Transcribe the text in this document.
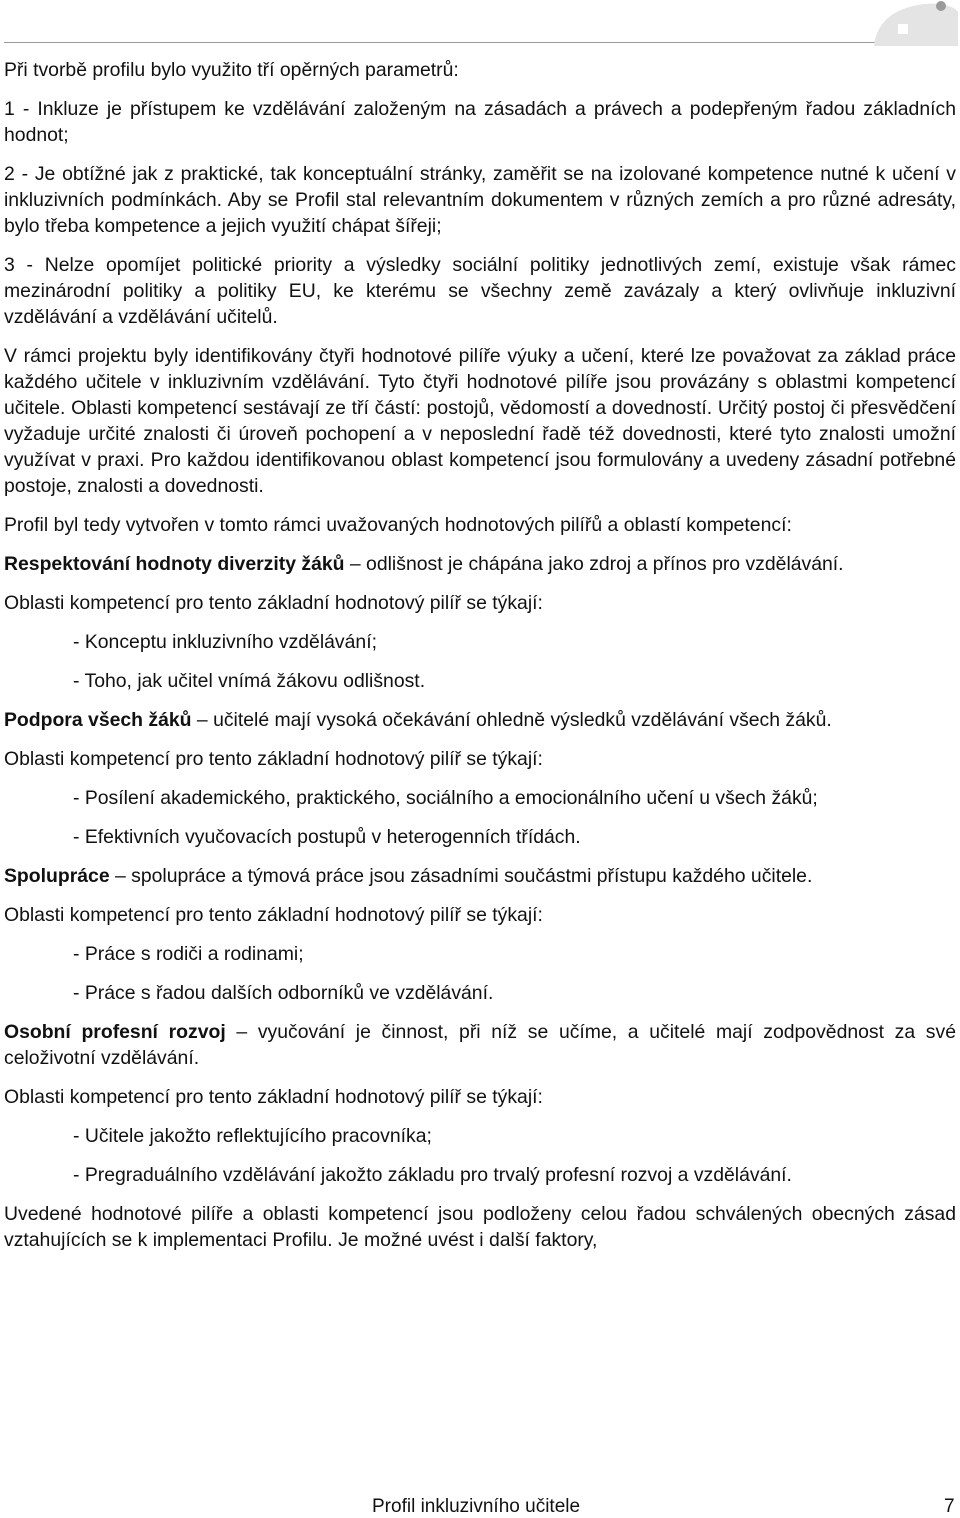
Při tvorbě profilu bylo využito tří opěrných parametrů:

1 - Inkluze je přístupem ke vzdělávání založeným na zásadách a právech a podepřeným řadou základních hodnot;

2 - Je obtížné jak z praktické, tak konceptuální stránky, zaměřit se na izolované kompetence nutné k učení v inkluzivních podmínkách. Aby se Profil stal relevantním dokumentem v různých zemích a pro různé adresáty, bylo třeba kompetence a jejich využití chápat šířeji;

3 - Nelze opomíjet politické priority a výsledky sociální politiky jednotlivých zemí, existuje však rámec mezinárodní politiky a politiky EU, ke kterému se všechny země zavázaly a který ovlivňuje inkluzivní vzdělávání a vzdělávání učitelů.

V rámci projektu byly identifikovány čtyři hodnotové pilíře výuky a učení, které lze považovat za základ práce každého učitele v inkluzivním vzdělávání. Tyto čtyři hodnotové pilíře jsou provázány s oblastmi kompetencí učitele. Oblasti kompetencí sestávají ze tří částí: postojů, vědomostí a dovedností. Určitý postoj či přesvědčení vyžaduje určité znalosti či úroveň pochopení a v neposlední řadě též dovednosti, které tyto znalosti umožní využívat v praxi. Pro každou identifikovanou oblast kompetencí jsou formulovány a uvedeny zásadní potřebné postoje, znalosti a dovednosti.

Profil byl tedy vytvořen v tomto rámci uvažovaných hodnotových pilířů a oblastí kompetencí:

Respektování hodnoty diverzity žáků – odlišnost je chápána jako zdroj a přínos pro vzdělávání.

Oblasti kompetencí pro tento základní hodnotový pilíř se týkají:

- Konceptu inkluzivního vzdělávání;
- Toho, jak učitel vnímá žákovu odlišnost.

Podpora všech žáků – učitelé mají vysoká očekávání ohledně výsledků vzdělávání všech žáků.

Oblasti kompetencí pro tento základní hodnotový pilíř se týkají:

- Posílení akademického, praktického, sociálního a emocionálního učení u všech žáků;
- Efektivních vyučovacích postupů v heterogenních třídách.

Spolupráce – spolupráce a týmová práce jsou zásadními součástmi přístupu každého učitele.

Oblasti kompetencí pro tento základní hodnotový pilíř se týkají:

- Práce s rodiči a rodinami;
- Práce s řadou dalších odborníků ve vzdělávání.

Osobní profesní rozvoj – vyučování je činnost, při níž se učíme, a učitelé mají zodpovědnost za své celoživotní vzdělávání.

Oblasti kompetencí pro tento základní hodnotový pilíř se týkají:

- Učitele jakožto reflektujícího pracovníka;
- Pregraduálního vzdělávání jakožto základu pro trvalý profesní rozvoj a vzdělávání.

Uvedené hodnotové pilíře a oblasti kompetencí jsou podloženy celou řadou schválených obecných zásad vztahujících se k implementaci Profilu. Je možné uvést i další faktory,

Profil inkluzivního učitele	7
